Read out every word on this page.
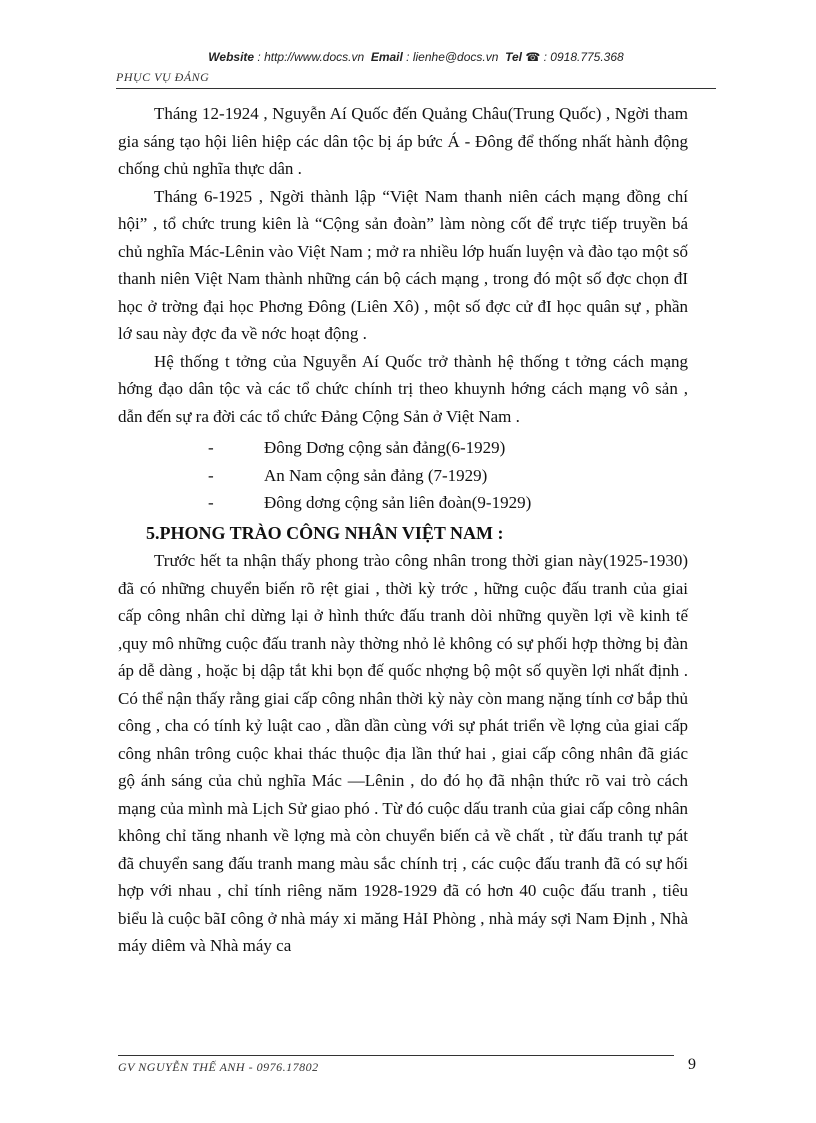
Website : http://www.docs.vn Email : lienhe@docs.vn Tel ☎ : 0918.775.368
PHỤC VỤ ĐẢNG

Tháng 12-1924 , Nguyễn Aí Quốc đến Quảng Châu(Trung Quốc) , Ngời tham gia sáng tạo hội liên hiệp các dân tộc bị áp bức Á - Đông để thống nhất hành động chống chủ nghĩa thực dân .

Tháng 6-1925 , Ngời thành lập “Việt Nam thanh niên cách mạng đồng chí hội” , tổ chức trung kiên là “Cộng sản đoàn” làm nòng cốt để trực tiếp truyền bá chủ nghĩa Mác-Lênin vào Việt Nam ; mở ra nhiều lớp huấn luyện và đào tạo một số thanh niên Việt Nam thành những cán bộ cách mạng , trong đó một số đợc chọn đI học ở trờng đại học Phơng Đông (Liên Xô) , một số đợc cử đI học quân sự , phần lớ sau này đợc đa về nớc hoạt động .

Hệ thống t tởng của Nguyễn Aí Quốc trở thành hệ thống t tởng cách mạng hớng đạo dân tộc và các tổ chức chính trị theo khuynh hớng cách mạng vô sản , dẫn đến sự ra đời các tổ chức Đảng Cộng Sản ở Việt Nam .

-	Đông Dơng cộng sản đảng(6-1929)
-	An Nam cộng sản đảng (7-1929)
-	Đông dơng cộng sản liên đoàn(9-1929)
5.PHONG TRÀO CÔNG NHÂN VIỆT NAM :

Trước hết ta nhận thấy phong trào công nhân trong thời gian này(1925-1930) đã có những chuyển biến rõ rệt giai , thời kỳ trớc , hững cuộc đấu tranh của giai cấp công nhân chỉ dừng lại ở hình thức đấu tranh dòi những quyền lợi về kinh tế ,quy mô những cuộc đấu tranh này thờng nhỏ lẻ không có sự phối hợp thờng bị đàn áp dễ dàng , hoặc bị dập tắt khi bọn đế quốc nhợng bộ một số quyền lợi nhất định . Có thể nận thấy rằng giai cấp công nhân thời kỳ này còn mang nặng tính cơ bắp thủ công , cha có tính kỷ luật cao , dần dần cùng với sự phát triển về lợng của giai cấp công nhân trông cuộc khai thác thuộc địa lần thứ hai , giai cấp công nhân đã giác gộ ánh sáng của chủ nghĩa Mác —Lênin , do đó họ đã nhận thức rõ vai trò cách mạng của mình mà Lịch Sử giao phó . Từ đó cuộc dấu tranh của giai cấp công nhân không chỉ tăng nhanh về lợng mà còn chuyển biến cả về chất , từ đấu tranh tự pát đã chuyển sang đấu tranh mang màu sắc chính trị , các cuộc đấu tranh đã có sự hối hợp với nhau , chỉ tính riêng năm 1928-1929 đã có hơn 40 cuộc đấu tranh , tiêu biểu là cuộc bãI công ở nhà máy xi măng HảI Phòng , nhà máy sợi Nam Định , Nhà máy diêm và Nhà máy ca

GV NGUYỄN THẾ ANH - 0976.17802	9
